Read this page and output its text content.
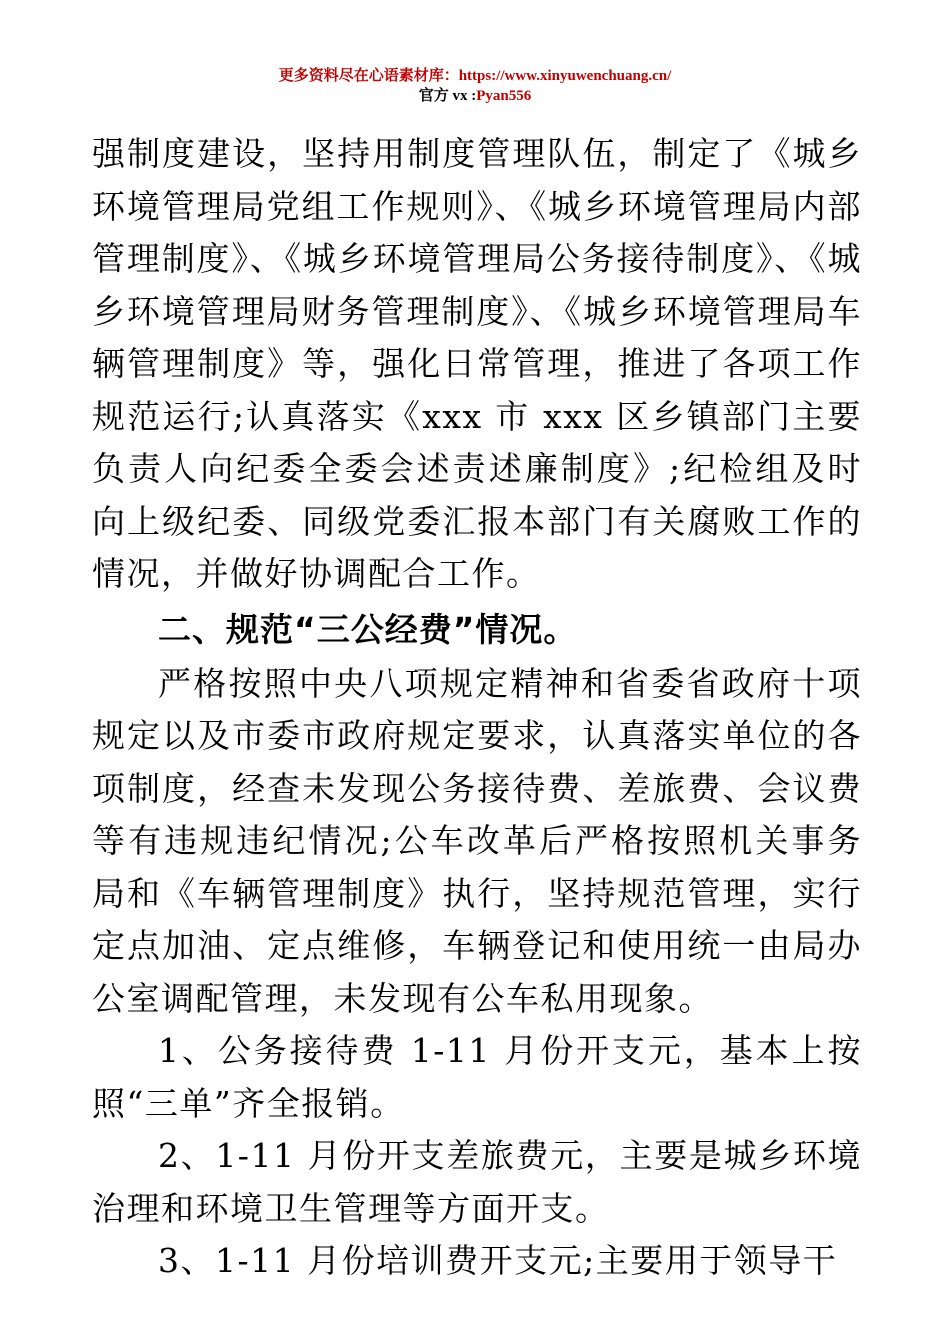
更多资料尽在心语素材库：https://www.xinyuwenchuang.cn/
官方 vx :Pyan556

强制度建设，坚持用制度管理队伍，制定了《城乡环境管理局党组工作规则》、《城乡环境管理局内部管理制度》、《城乡环境管理局公务接待制度》、《城乡环境管理局财务管理制度》、《城乡环境管理局车辆管理制度》等，强化日常管理，推进了各项工作规范运行;认真落实《xxx 市 xxx 区乡镇部门主要负责人向纪委全委会述责述廉制度》;纪检组及时向上级纪委、同级党委汇报本部门有关腐败工作的情况，并做好协调配合工作。

二、规范“三公经费”情况。

严格按照中央八项规定精神和省委省政府十项规定以及市委市政府规定要求，认真落实单位的各项制度，经查未发现公务接待费、差旅费、会议费等有违规违纪情况;公车改革后严格按照机关事务局和《车辆管理制度》执行，坚持规范管理，实行定点加油、定点维修，车辆登记和使用统一由局办公室调配管理，未发现有公车私用现象。

1、公务接待费 1-11 月份开支元，基本上按照“三单”齐全报销。

2、1-11 月份开支差旅费元，主要是城乡环境治理和环境卫生管理等方面开支。

3、1-11 月份培训费开支元;主要用于领导干
